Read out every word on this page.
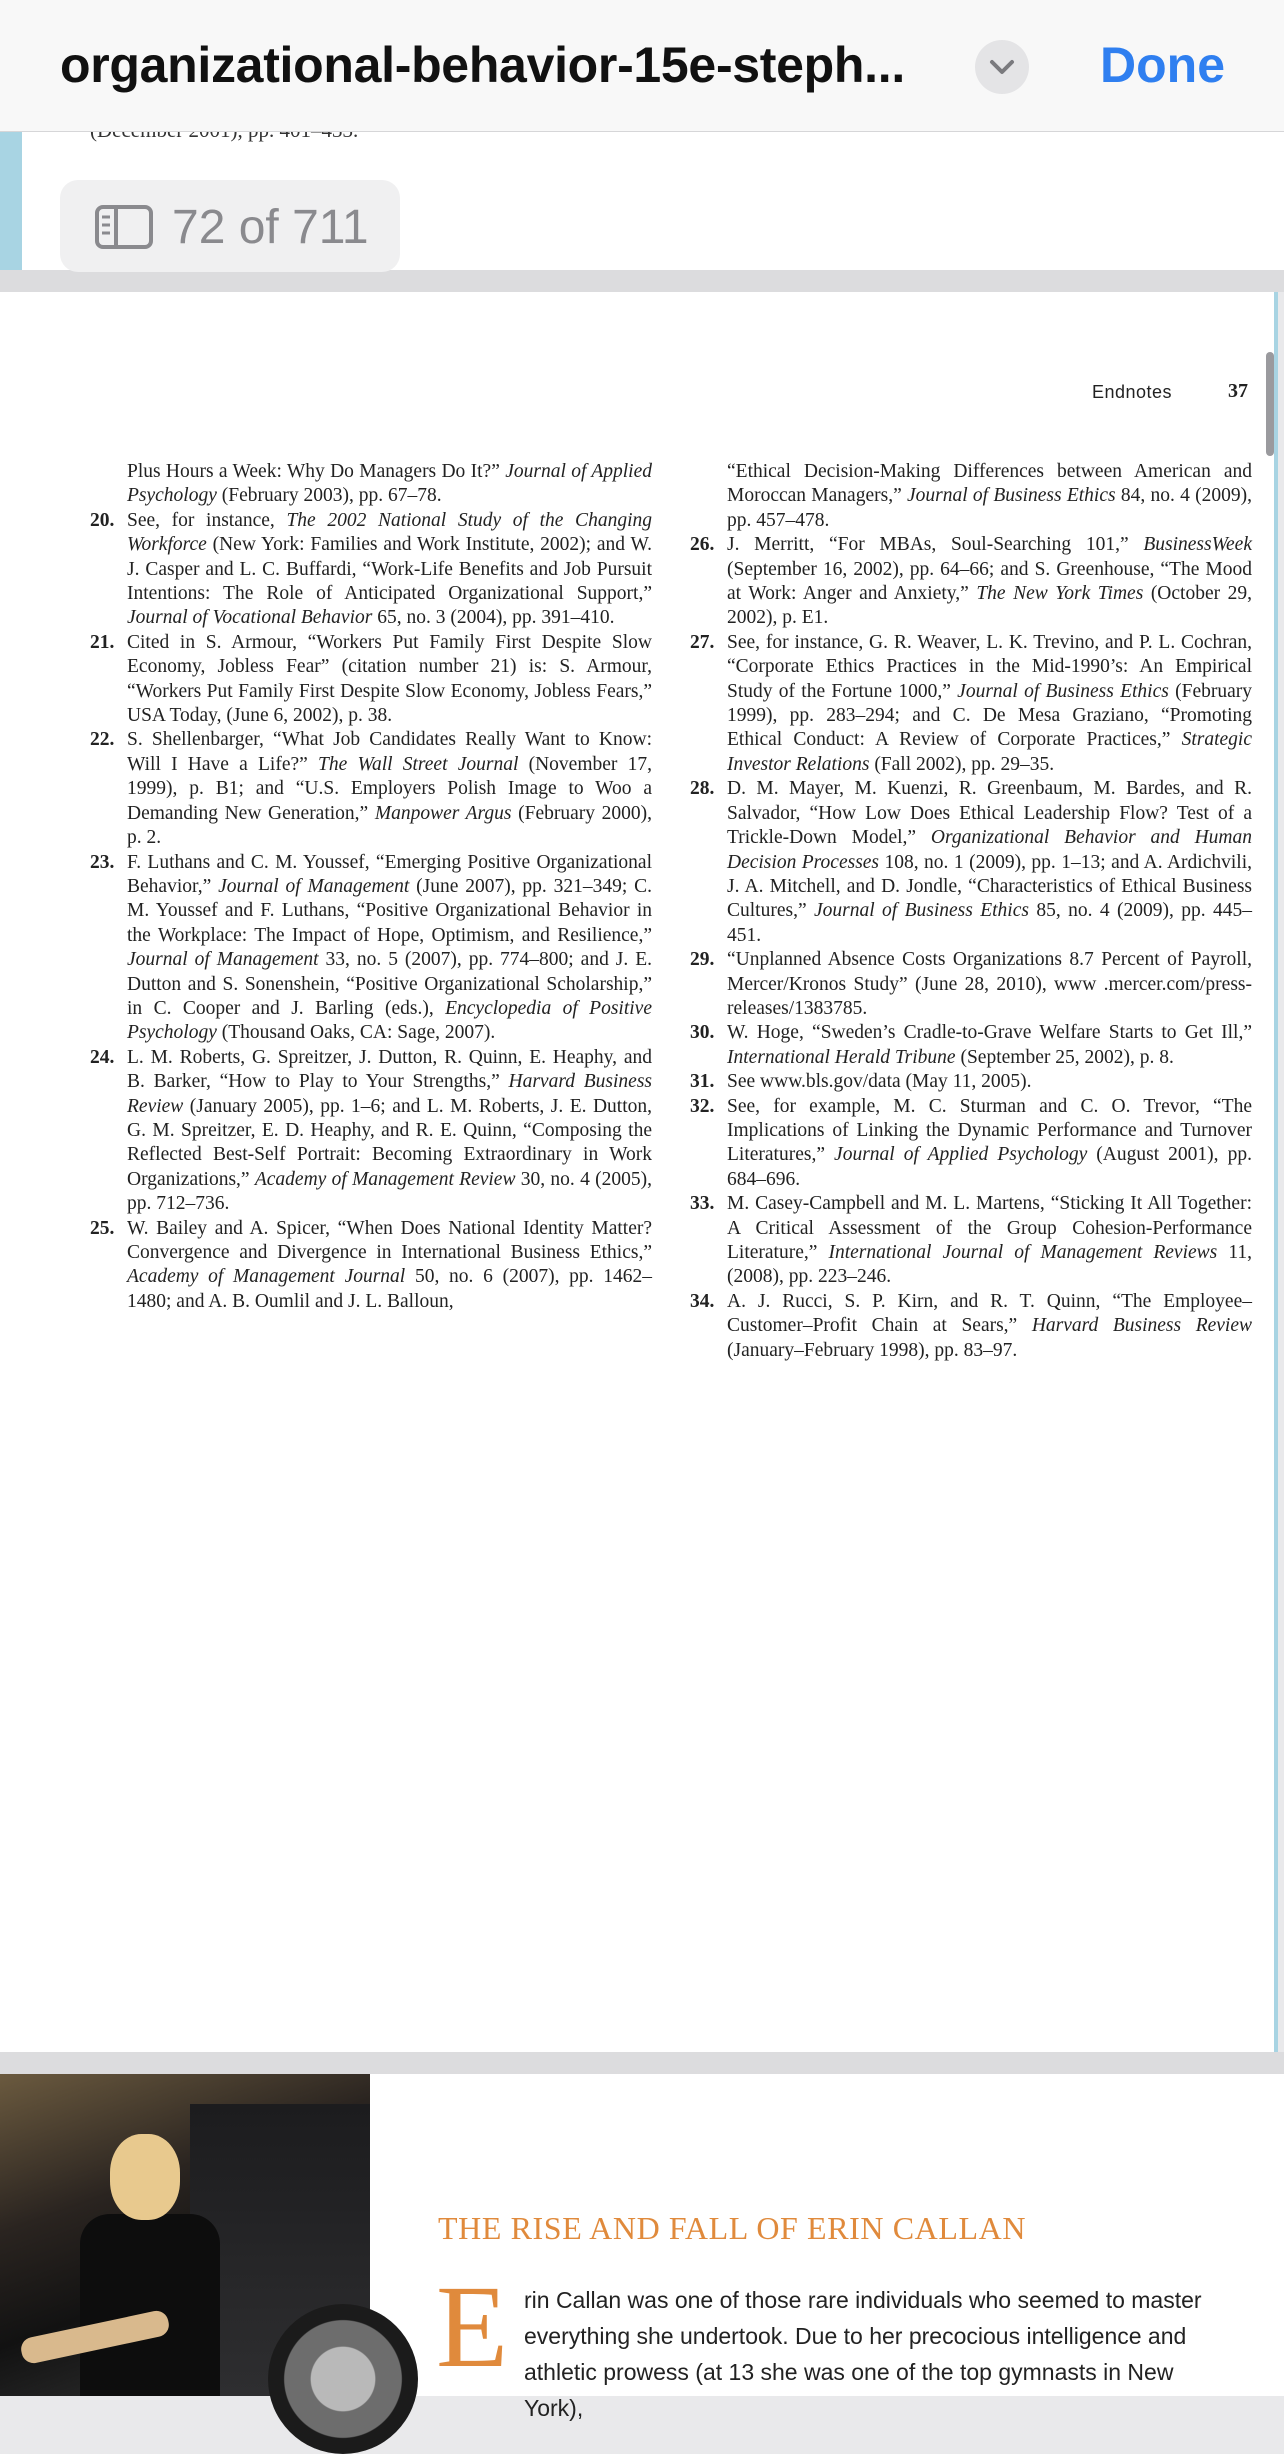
organizational-behavior-15e-steph...	Done
72 of 711
Endnotes	37
Plus Hours a Week: Why Do Managers Do It?” Journal of Applied Psychology (February 2003), pp. 67–78.
20. See, for instance, The 2002 National Study of the Changing Workforce (New York: Families and Work Institute, 2002); and W. J. Casper and L. C. Buffardi, “Work-Life Benefits and Job Pursuit Intentions: The Role of Anticipated Organizational Support,” Journal of Vocational Behavior 65, no. 3 (2004), pp. 391–410.
21. Cited in S. Armour, “Workers Put Family First Despite Slow Economy, Jobless Fear” (citation number 21) is: S. Armour, “Workers Put Family First Despite Slow Economy, Jobless Fears,” USA Today, (June 6, 2002), p. 38.
22. S. Shellenbarger, “What Job Candidates Really Want to Know: Will I Have a Life?” The Wall Street Journal (November 17, 1999), p. B1; and “U.S. Employers Polish Image to Woo a Demanding New Generation,” Manpower Argus (February 2000), p. 2.
23. F. Luthans and C. M. Youssef, “Emerging Positive Organizational Behavior,” Journal of Management (June 2007), pp. 321–349; C. M. Youssef and F. Luthans, “Positive Organizational Behavior in the Workplace: The Impact of Hope, Optimism, and Resilience,” Journal of Management 33, no. 5 (2007), pp. 774–800; and J. E. Dutton and S. Sonenshein, “Positive Organizational Scholarship,” in C. Cooper and J. Barling (eds.), Encyclopedia of Positive Psychology (Thousand Oaks, CA: Sage, 2007).
24. L. M. Roberts, G. Spreitzer, J. Dutton, R. Quinn, E. Heaphy, and B. Barker, “How to Play to Your Strengths,” Harvard Business Review (January 2005), pp. 1–6; and L. M. Roberts, J. E. Dutton, G. M. Spreitzer, E. D. Heaphy, and R. E. Quinn, “Composing the Reflected Best-Self Portrait: Becoming Extraordinary in Work Organizations,” Academy of Management Review 30, no. 4 (2005), pp. 712–736.
25. W. Bailey and A. Spicer, “When Does National Identity Matter? Convergence and Divergence in International Business Ethics,” Academy of Management Journal 50, no. 6 (2007), pp. 1462–1480; and A. B. Oumlil and J. L. Balloun,
“Ethical Decision-Making Differences between American and Moroccan Managers,” Journal of Business Ethics 84, no. 4 (2009), pp. 457–478.
26. J. Merritt, “For MBAs, Soul-Searching 101,” BusinessWeek (September 16, 2002), pp. 64–66; and S. Greenhouse, “The Mood at Work: Anger and Anxiety,” The New York Times (October 29, 2002), p. E1.
27. See, for instance, G. R. Weaver, L. K. Trevino, and P. L. Cochran, “Corporate Ethics Practices in the Mid-1990’s: An Empirical Study of the Fortune 1000,” Journal of Business Ethics (February 1999), pp. 283–294; and C. De Mesa Graziano, “Promoting Ethical Conduct: A Review of Corporate Practices,” Strategic Investor Relations (Fall 2002), pp. 29–35.
28. D. M. Mayer, M. Kuenzi, R. Greenbaum, M. Bardes, and R. Salvador, “How Low Does Ethical Leadership Flow? Test of a Trickle-Down Model,” Organizational Behavior and Human Decision Processes 108, no. 1 (2009), pp. 1–13; and A. Ardichvili, J. A. Mitchell, and D. Jondle, “Characteristics of Ethical Business Cultures,” Journal of Business Ethics 85, no. 4 (2009), pp. 445–451.
29. “Unplanned Absence Costs Organizations 8.7 Percent of Payroll, Mercer/Kronos Study” (June 28, 2010), www .mercer.com/press-releases/1383785.
30. W. Hoge, “Sweden’s Cradle-to-Grave Welfare Starts to Get Ill,” International Herald Tribune (September 25, 2002), p. 8.
31. See www.bls.gov/data (May 11, 2005).
32. See, for example, M. C. Sturman and C. O. Trevor, “The Implications of Linking the Dynamic Performance and Turnover Literatures,” Journal of Applied Psychology (August 2001), pp. 684–696.
33. M. Casey-Campbell and M. L. Martens, “Sticking It All Together: A Critical Assessment of the Group Cohesion-Performance Literature,” International Journal of Management Reviews 11, (2008), pp. 223–246.
34. A. J. Rucci, S. P. Kirn, and R. T. Quinn, “The Employee–Customer–Profit Chain at Sears,” Harvard Business Review (January–February 1998), pp. 83–97.
THE RISE AND FALL OF ERIN CALLAN
E rin Callan was one of those rare individuals who seemed to master everything she undertook. Due to her precocious intelligence and athletic prowess (at 13 she was one of the top gymnasts in New York),
